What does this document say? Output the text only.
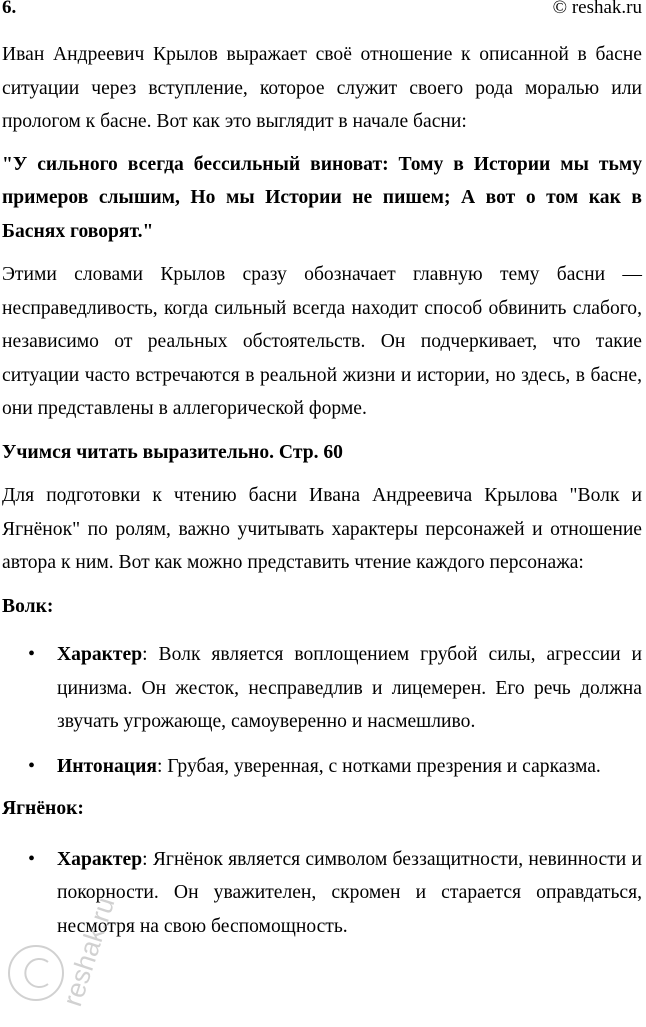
6.	© reshak.ru

Иван Андреевич Крылов выражает своё отношение к описанной в басне ситуации через вступление, которое служит своего рода моралью или прологом к басне. Вот как это выглядит в начале басни:

"У сильного всегда бессильный виноват: Тому в Истории мы тьму примеров слышим, Но мы Истории не пишем; А вот о том как в Баснях говорят."

Этими словами Крылов сразу обозначает главную тему басни — несправедливость, когда сильный всегда находит способ обвинить слабого, независимо от реальных обстоятельств. Он подчеркивает, что такие ситуации часто встречаются в реальной жизни и истории, но здесь, в басне, они представлены в аллегорической форме.

Учимся читать выразительно. Стр. 60

Для подготовки к чтению басни Ивана Андреевича Крылова "Волк и Ягнёнок" по ролям, важно учитывать характеры персонажей и отношение автора к ним. Вот как можно представить чтение каждого персонажа:

Волк:

• Характер: Волк является воплощением грубой силы, агрессии и цинизма. Он жесток, несправедлив и лицемерен. Его речь должна звучать угрожающе, самоуверенно и насмешливо.
• Интонация: Грубая, уверенная, с нотками презрения и сарказма.

Ягнёнок:

• Характер: Ягнёнок является символом беззащитности, невинности и покорности. Он уважителен, скромен и старается оправдаться, несмотря на свою беспомощность.
reshak.ru
